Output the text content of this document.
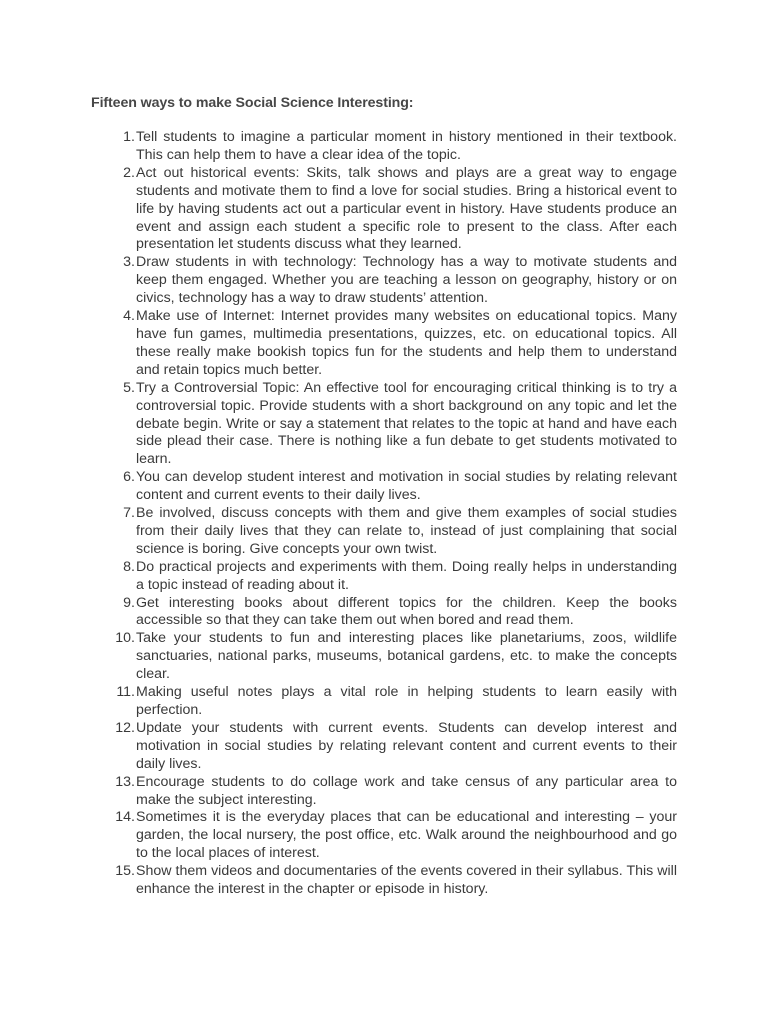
Fifteen ways to make Social Science Interesting:
1. Tell students to imagine a particular moment in history mentioned in their textbook. This can help them to have a clear idea of the topic.
2. Act out historical events: Skits, talk shows and plays are a great way to engage students and motivate them to find a love for social studies. Bring a historical event to life by having students act out a particular event in history. Have students produce an event and assign each student a specific role to present to the class. After each presentation let students discuss what they learned.
3. Draw students in with technology: Technology has a way to motivate students and keep them engaged. Whether you are teaching a lesson on geography, history or on civics, technology has a way to draw students’ attention.
4. Make use of Internet: Internet provides many websites on educational topics. Many have fun games, multimedia presentations, quizzes, etc. on educational topics. All these really make bookish topics fun for the students and help them to understand and retain topics much better.
5. Try a Controversial Topic: An effective tool for encouraging critical thinking is to try a controversial topic. Provide students with a short background on any topic and let the debate begin. Write or say a statement that relates to the topic at hand and have each side plead their case. There is nothing like a fun debate to get students motivated to learn.
6. You can develop student interest and motivation in social studies by relating relevant content and current events to their daily lives.
7. Be involved, discuss concepts with them and give them examples of social studies from their daily lives that they can relate to, instead of just complaining that social science is boring. Give concepts your own twist.
8. Do practical projects and experiments with them. Doing really helps in understanding a topic instead of reading about it.
9. Get interesting books about different topics for the children. Keep the books accessible so that they can take them out when bored and read them.
10. Take your students to fun and interesting places like planetariums, zoos, wildlife sanctuaries, national parks, museums, botanical gardens, etc. to make the concepts clear.
11. Making useful notes plays a vital role in helping students to learn easily with perfection.
12. Update your students with current events. Students can develop interest and motivation in social studies by relating relevant content and current events to their daily lives.
13. Encourage students to do collage work and take census of any particular area to make the subject interesting.
14. Sometimes it is the everyday places that can be educational and interesting – your garden, the local nursery, the post office, etc. Walk around the neighbourhood and go to the local places of interest.
15. Show them videos and documentaries of the events covered in their syllabus. This will enhance the interest in the chapter or episode in history.
